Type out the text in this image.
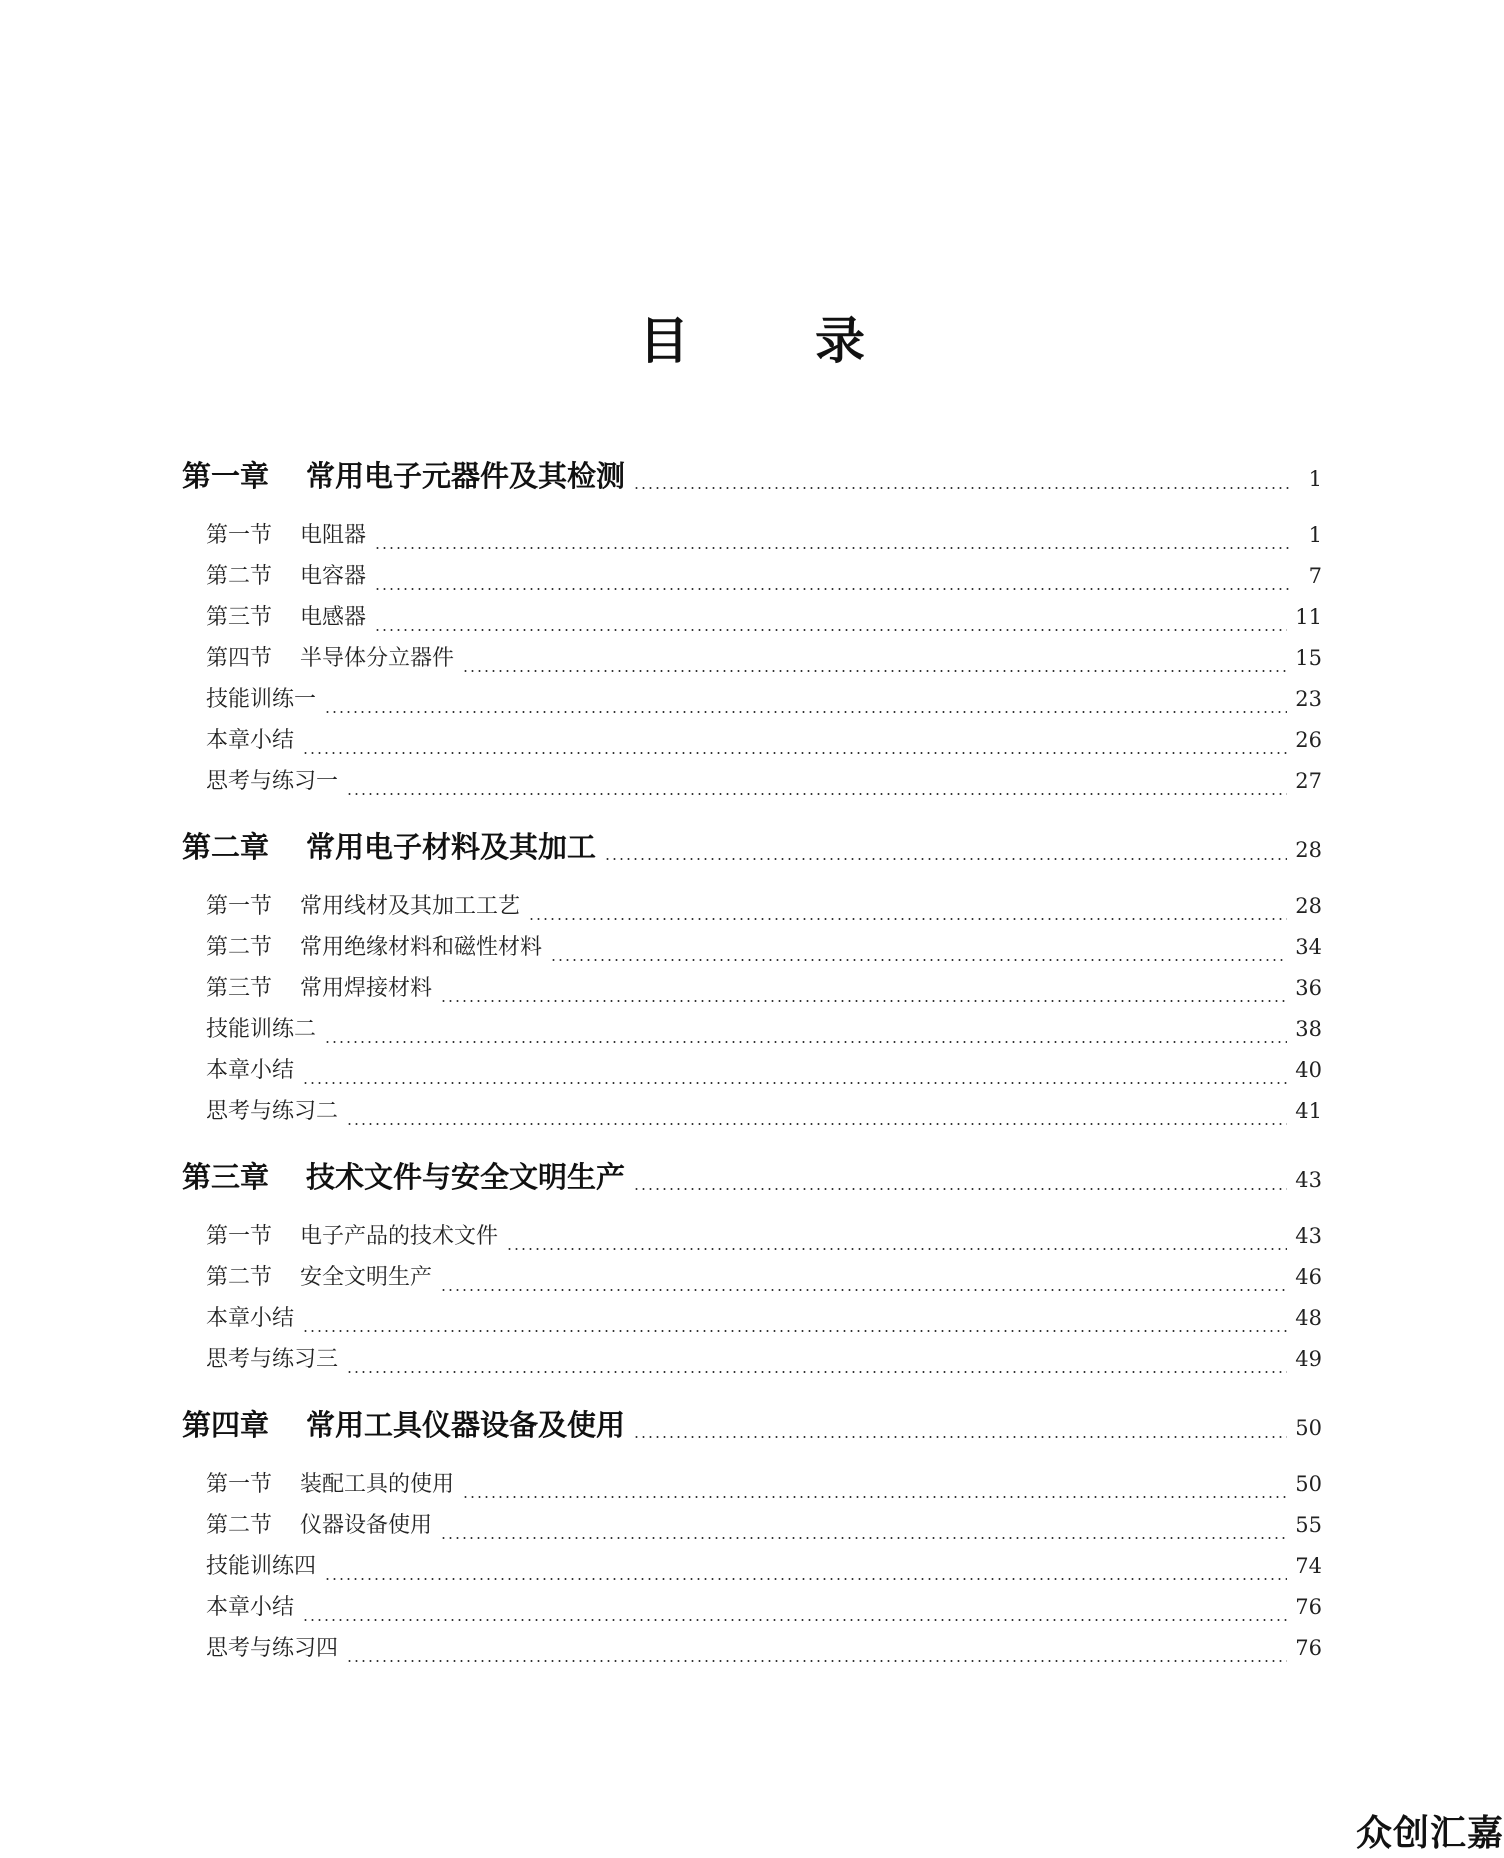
目	录
第一章 常用电子元器件及其检测	1
第一节 电阻器	1
第二节 电容器	7
第三节 电感器	11
第四节 半导体分立器件	15
技能训练一	23
本章小结	26
思考与练习一	27
第二章 常用电子材料及其加工	28
第一节 常用线材及其加工工艺	28
第二节 常用绝缘材料和磁性材料	34
第三节 常用焊接材料	36
技能训练二	38
本章小结	40
思考与练习二	41
第三章 技术文件与安全文明生产	43
第一节 电子产品的技术文件	43
第二节 安全文明生产	46
本章小结	48
思考与练习三	49
第四章 常用工具仪器设备及使用	50
第一节 装配工具的使用	50
第二节 仪器设备使用	55
技能训练四	74
本章小结	76
思考与练习四	76
众创汇嘉
